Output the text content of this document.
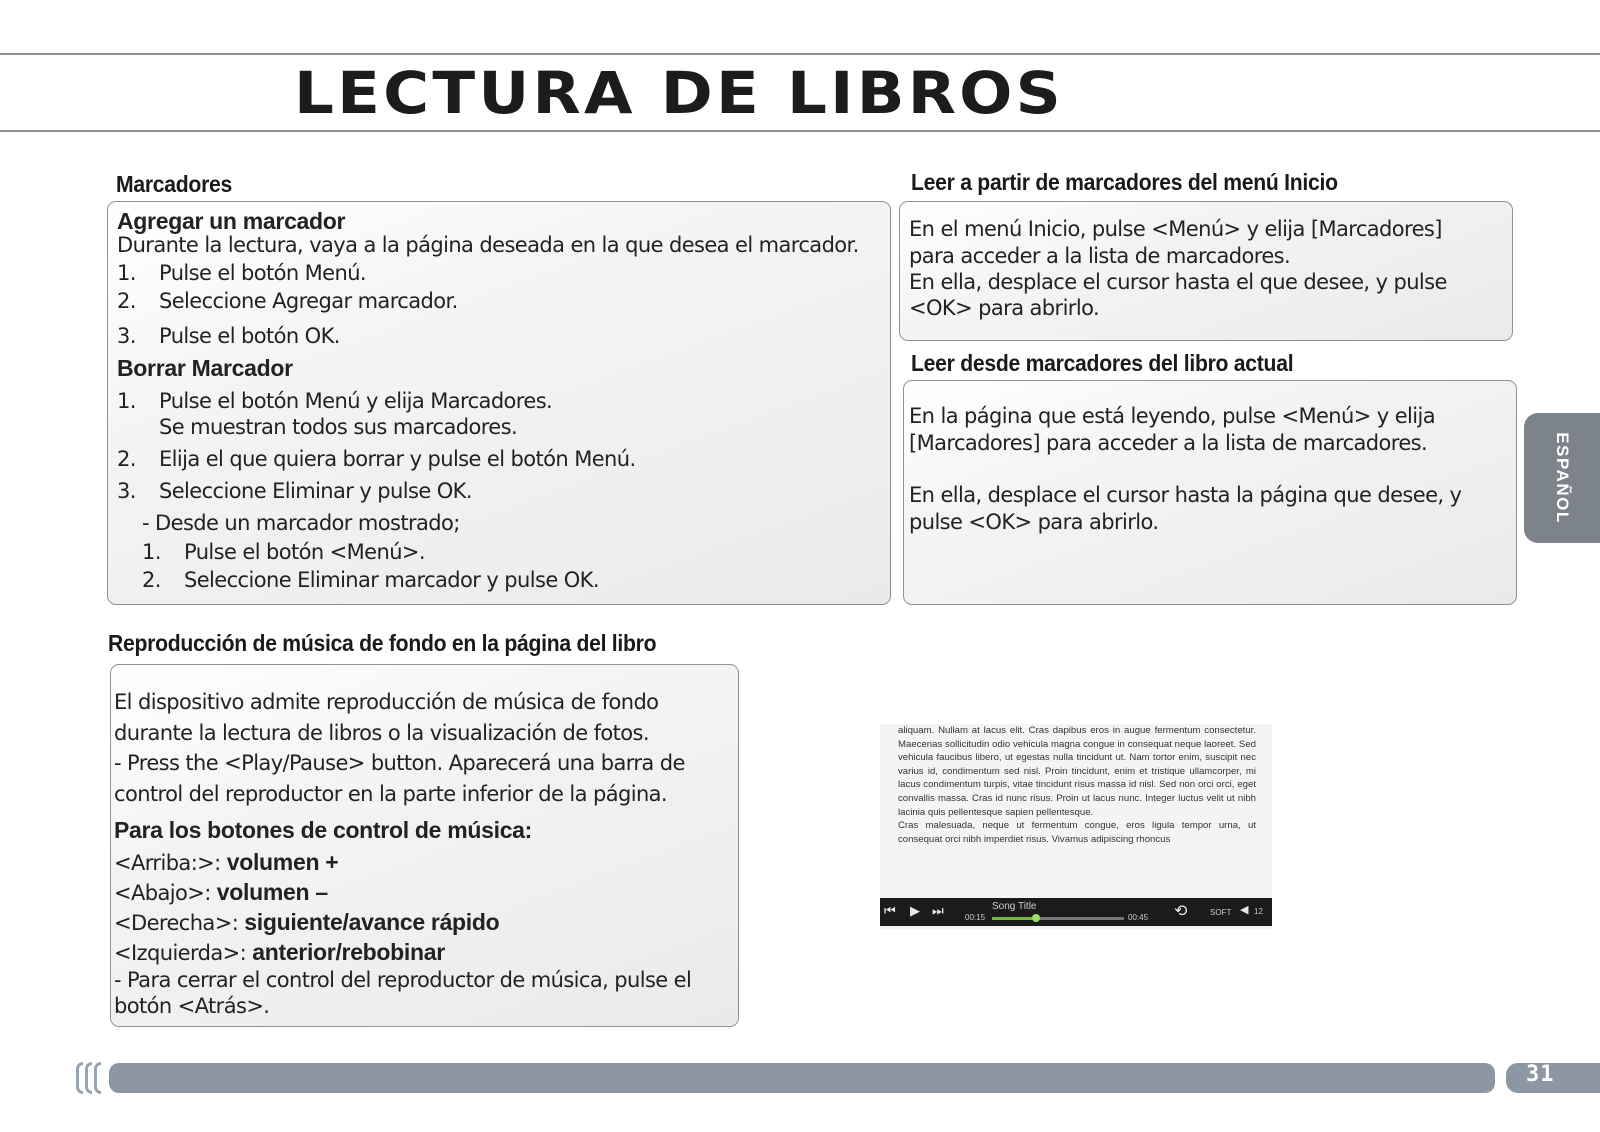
LECTURA DE LIBROS
Marcadores
Agregar un marcador
Durante la lectura, vaya a la página deseada en la que desea el marcador.
1. Pulse el botón Menú.
2. Seleccione Agregar marcador.
3. Pulse el botón OK.
Borrar Marcador
1. Pulse el botón Menú y elija Marcadores.
Se muestran todos sus marcadores.
2. Elija el que quiera borrar y pulse el botón Menú.
3. Seleccione Eliminar y pulse OK.
- Desde un marcador mostrado;
1. Pulse el botón <Menú>.
2. Seleccione Eliminar marcador y pulse OK.
Leer a partir de marcadores del menú Inicio
En el menú Inicio, pulse <Menú> y elija [Marcadores]
para acceder a la lista de marcadores.
En ella, desplace el cursor hasta el que desee, y pulse
<OK> para abrirlo.
Leer desde marcadores del libro actual
En la página que está leyendo, pulse <Menú> y elija
[Marcadores] para acceder a la lista de marcadores.
En ella, desplace el cursor hasta la página que desee, y
pulse <OK> para abrirlo.	ESPAÑOL
Reproducción de música de fondo en la página del libro
El dispositivo admite reproducción de música de fondo
durante la lectura de libros o la visualización de fotos.
- Press the <Play/Pause> button. Aparecerá una barra de
control del reproductor en la parte inferior de la página.
Para los botones de control de música:
<Arriba:>: volumen +
<Abajo>: volumen –
<Derecha>: siguiente/avance rápido
<Izquierda>: anterior/rebobinar
- Para cerrar el control del reproductor de música, pulse el
botón <Atrás>.
aliquam. Nullam at lacus elit. Cras dapibus eros in augue fermentum consectetur. Maecenas sollicitudin odio vehicula magna congue in consequat neque laoreet. Sed vehicula faucibus libero, ut egestas nulla tincidunt ut. Nam tortor enim, suscipit nec varius id, condimentum sed nisl. Proin tincidunt, enim et tristique ullamcorper, mi lacus condimentum turpis, vitae tincidunt risus massa id nisl. Sed non orci orci, eget convallis massa. Cras id nunc risus. Proin ut lacus nunc. Integer luctus velit ut nibh lacinia quis pellentesque sapien pellentesque.
Cras malesuada, neque ut fermentum congue, eros ligula tempor urna, ut consequat orci nibh imperdiet risus. Vivamus adipiscing rhoncus
⏮ ▶ ⏭	Song Title
00:15	00:45 ⟲	SOFT ◀ 12
31
